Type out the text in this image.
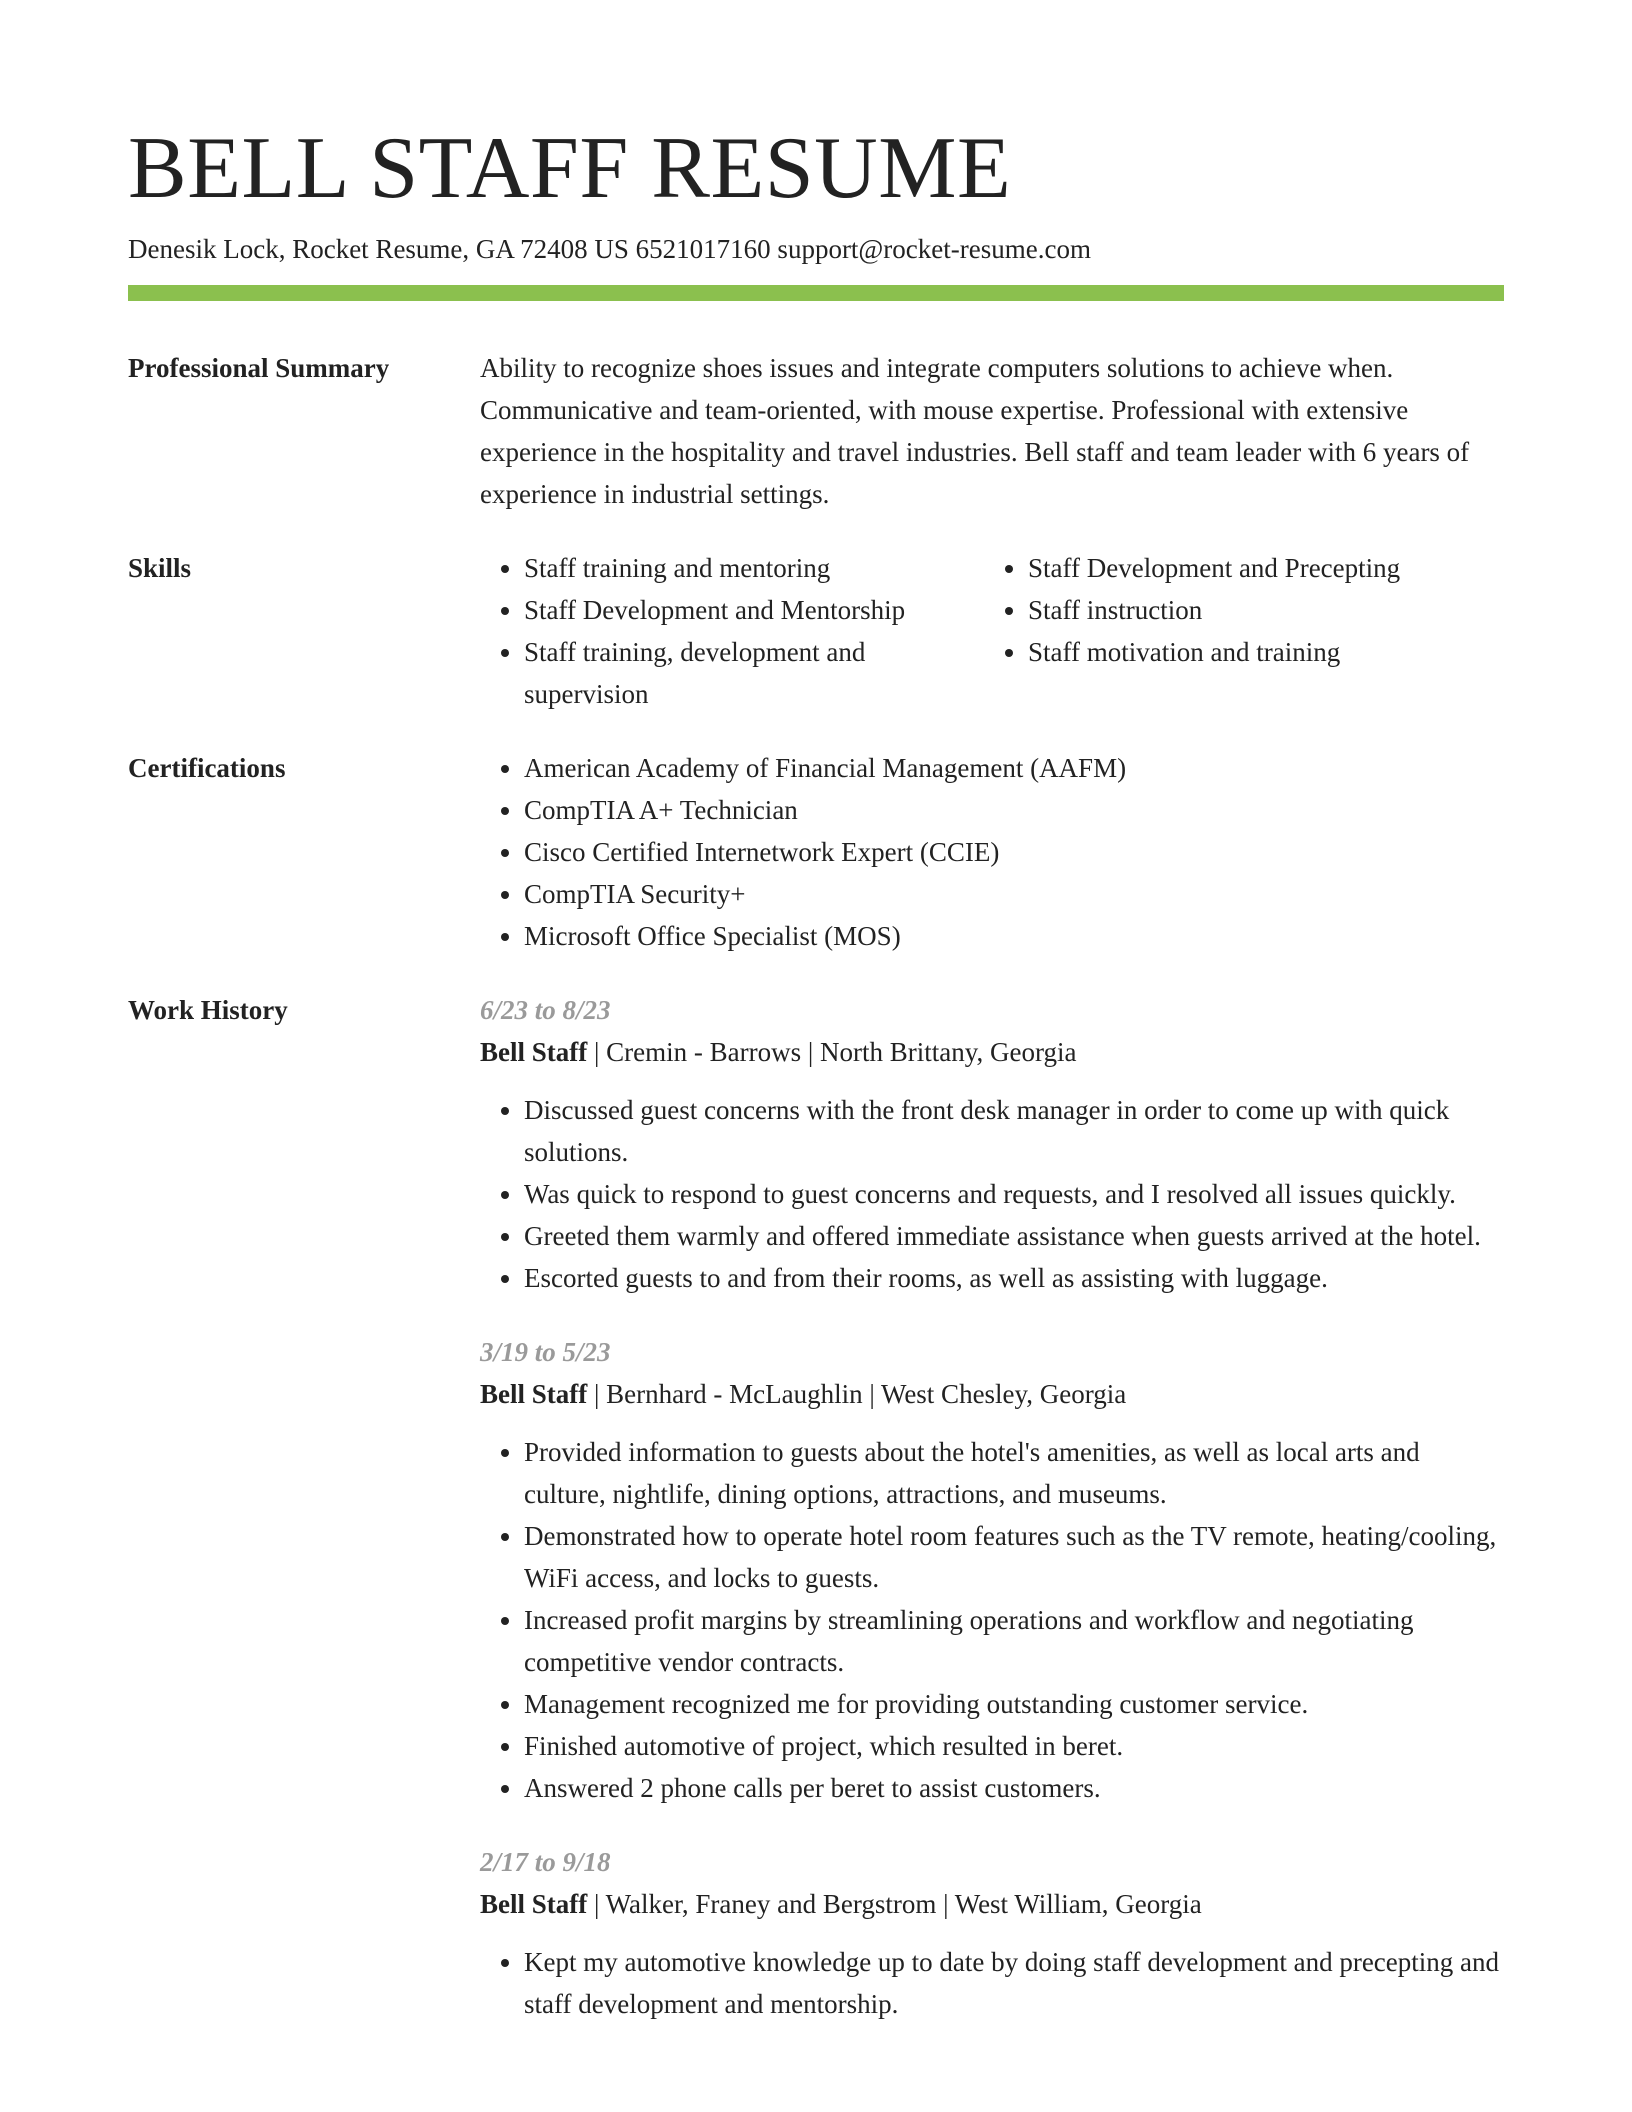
BELL STAFF RESUME
Denesik Lock, Rocket Resume, GA 72408 US 6521017160 support@rocket-resume.com
Professional Summary	Ability to recognize shoes issues and integrate computers solutions to achieve when. Communicative and team-oriented, with mouse expertise. Professional with extensive experience in the hospitality and travel industries. Bell staff and team leader with 6 years of experience in industrial settings.

Skills	• Staff training and mentoring
• Staff Development and Mentorship
• Staff training, development and supervision
• Staff Development and Precepting
• Staff instruction
• Staff motivation and training
Certifications	• American Academy of Financial Management (AAFM)
• CompTIA A+ Technician
• Cisco Certified Internetwork Expert (CCIE)
• CompTIA Security+
• Microsoft Office Specialist (MOS)
Work History	6/23 to 8/23
Bell Staff | Cremin - Barrows | North Brittany, Georgia
• Discussed guest concerns with the front desk manager in order to come up with quick solutions.
• Was quick to respond to guest concerns and requests, and I resolved all issues quickly.
• Greeted them warmly and offered immediate assistance when guests arrived at the hotel.
• Escorted guests to and from their rooms, as well as assisting with luggage.
3/19 to 5/23
Bell Staff | Bernhard - McLaughlin | West Chesley, Georgia
• Provided information to guests about the hotel's amenities, as well as local arts and culture, nightlife, dining options, attractions, and museums.
• Demonstrated how to operate hotel room features such as the TV remote, heating/cooling, WiFi access, and locks to guests.
• Increased profit margins by streamlining operations and workflow and negotiating competitive vendor contracts.
• Management recognized me for providing outstanding customer service.
• Finished automotive of project, which resulted in beret.
• Answered 2 phone calls per beret to assist customers.
2/17 to 9/18
Bell Staff | Walker, Franey and Bergstrom | West William, Georgia
• Kept my automotive knowledge up to date by doing staff development and precepting and staff development and mentorship.
